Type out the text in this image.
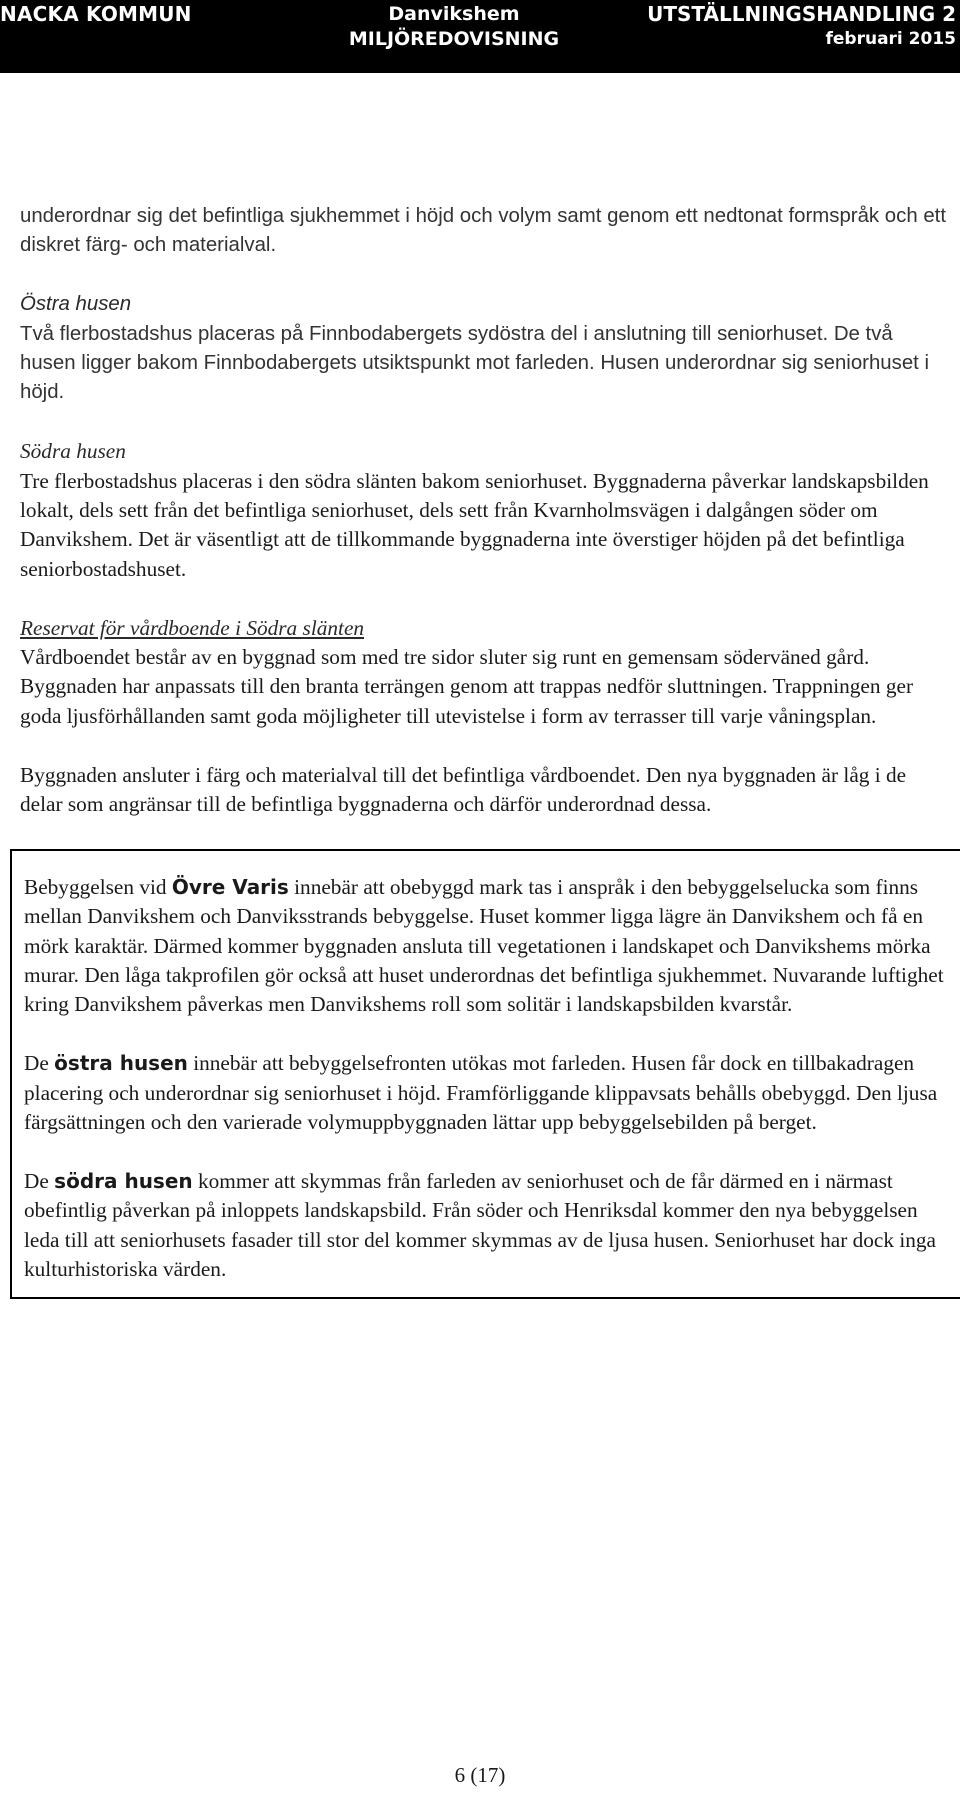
NACKA KOMMUN	Danvikshem
MILJÖREDOVISNING
UTSTÄLLNINGSHANDLING 2
februari 2015

underordnar sig det befintliga sjukhemmet i höjd och volym samt genom ett nedtonat formspråk och ett diskret färg- och materialval.

Östra husen

Två flerbostadshus placeras på Finnbodabergets sydöstra del i anslutning till seniorhuset. De två husen ligger bakom Finnbodabergets utsiktspunkt mot farleden. Husen underordnar sig seniorhuset i höjd.

Södra husen

Tre flerbostadshus placeras i den södra slänten bakom seniorhuset. Byggnaderna påverkar landskapsbilden lokalt, dels sett från det befintliga seniorhuset, dels sett från Kvarnholmsvägen i dalgången söder om Danvikshem. Det är väsentligt att de tillkommande byggnaderna inte överstiger höjden på det befintliga seniorbostadshuset.

Reservat för vårdboende i Södra slänten

Vårdboendet består av en byggnad som med tre sidor sluter sig runt en gemensam söderväned gård. Byggnaden har anpassats till den branta terrängen genom att trappas nedför sluttningen. Trappningen ger goda ljusförhållanden samt goda möjligheter till utevistelse i form av terrasser till varje våningsplan.

Byggnaden ansluter i färg och materialval till det befintliga vårdboendet. Den nya byggnaden är låg i de delar som angränsar till de befintliga byggnaderna och därför underordnad dessa.

Bebyggelsen vid Övre Varis innebär att obebyggd mark tas i anspråk i den bebyggelselucka som finns mellan Danvikshem och Danviksstrands bebyggelse. Huset kommer ligga lägre än Danvikshem och få en mörk karaktär. Därmed kommer byggnaden ansluta till vegetationen i landskapet och Danvikshems mörka murar. Den låga takprofilen gör också att huset underordnas det befintliga sjukhemmet. Nuvarande luftighet kring Danvikshem påverkas men Danvikshems roll som solitär i landskapsbilden kvarstår.

De östra husen innebär att bebyggelsefronten utökas mot farleden. Husen får dock en tillbakadragen placering och underordnar sig seniorhuset i höjd. Framförliggande klippavsats behålls obebyggd. Den ljusa färgsättningen och den varierade volymuppbyggnaden lättar upp bebyggelsebilden på berget.

De södra husen kommer att skymmas från farleden av seniorhuset och de får därmed en i närmast obefintlig påverkan på inloppets landskapsbild. Från söder och Henriksdal kommer den nya bebyggelsen leda till att seniorhusets fasader till stor del kommer skymmas av de ljusa husen. Seniorhuset har dock inga kulturhistoriska värden.

6 (17)
